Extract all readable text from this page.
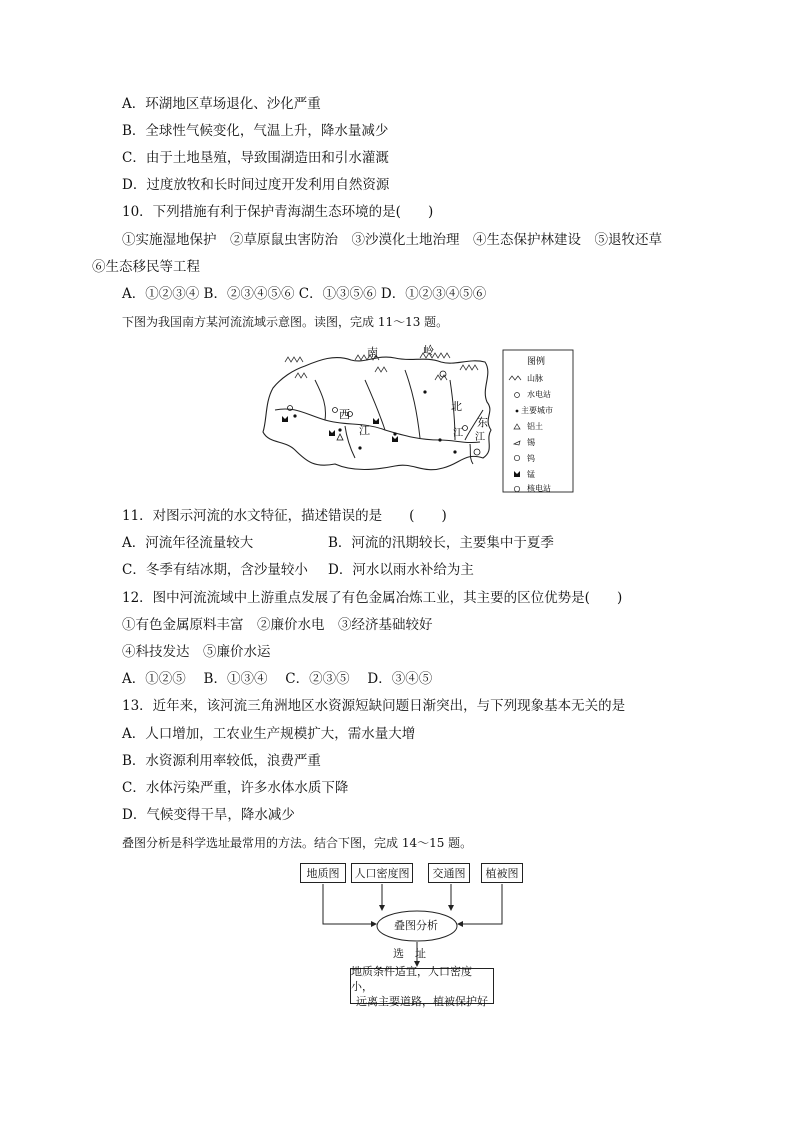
A．环湖地区草场退化、沙化严重
B．全球性气候变化，气温上升，降水量减少
C．由于土地垦殖，导致围湖造田和引水灌溉
D．过度放牧和长时间过度开发利用自然资源
10．下列措施有利于保护青海湖生态环境的是(　　)
①实施湿地保护　②草原鼠虫害防治　③沙漠化土地治理　④生态保护林建设　⑤退牧还草
⑥生态移民等工程
A．①②③④ B．②③④⑤⑥ C．①③⑤⑥ D．①②③④⑤⑥
下图为我国南方某河流流域示意图。读图，完成 11～13 题。
南	岭
西
江
北
东
江
江
图例
山脉
水电站
主要城市
铝土
锡
钨
锰
核电站
11．对图示河流的水文特征，描述错误的是　　(　　)
A．河流年径流量较大	B．河流的汛期较长，主要集中于夏季
C．冬季有结冰期，含沙量较小 D．河水以雨水补给为主
12．图中河流流域中上游重点发展了有色金属冶炼工业，其主要的区位优势是(　　)
①有色金属原料丰富　②廉价水电　③经济基础较好
④科技发达　⑤廉价水运
A．①②⑤　 B．①③④　 C．②③⑤　 D．③④⑤
13．近年来，该河流三角洲地区水资源短缺问题日渐突出，与下列现象基本无关的是
A．人口增加，工农业生产规模扩大，需水量大增
B．水资源利用率较低，浪费严重
C．水体污染严重，许多水体水质下降
D．气候变得干旱，降水减少
叠图分析是科学选址最常用的方法。结合下图，完成 14～15 题。
地质图	人口密度图	交通图	植被图
叠图分析
选　址
地质条件适宜，人口密度小，
远离主要道路，植被保护好
